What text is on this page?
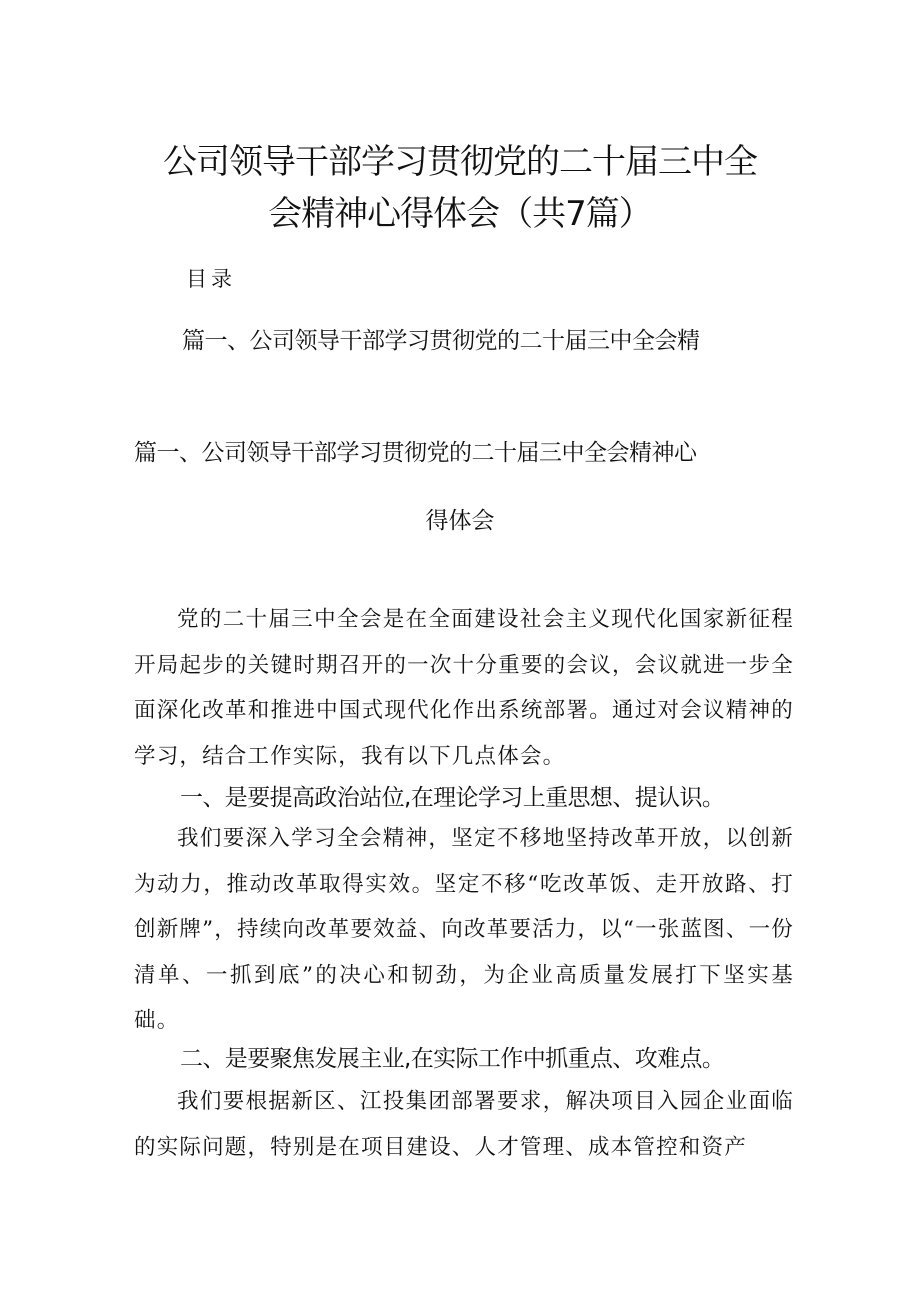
公司领导干部学习贯彻党的二十届三中全
会精神心得体会（共7篇）
目录
篇一、公司领导干部学习贯彻党的二十届三中全会精
篇一、公司领导干部学习贯彻党的二十届三中全会精神心
得体会

党的二十届三中全会是在全面建设社会主义现代化国家新征程开局起步的关键时期召开的一次十分重要的会议，会议就进一步全面深化改革和推进中国式现代化作出系统部署。通过对会议精神的学习，结合工作实际，我有以下几点体会。

一、是要提高政治站位,在理论学习上重思想、提认识。

我们要深入学习全会精神，坚定不移地坚持改革开放，以创新为动力，推动改革取得实效。坚定不移“吃改革饭、走开放路、打创新牌”，持续向改革要效益、向改革要活力，以“一张蓝图、一份清单、一抓到底”的决心和韧劲，为企业高质量发展打下坚实基础。

二、是要聚焦发展主业,在实际工作中抓重点、攻难点。

我们要根据新区、江投集团部署要求，解决项目入园企业面临的实际问题，特别是在项目建设、人才管理、成本管控和资产
